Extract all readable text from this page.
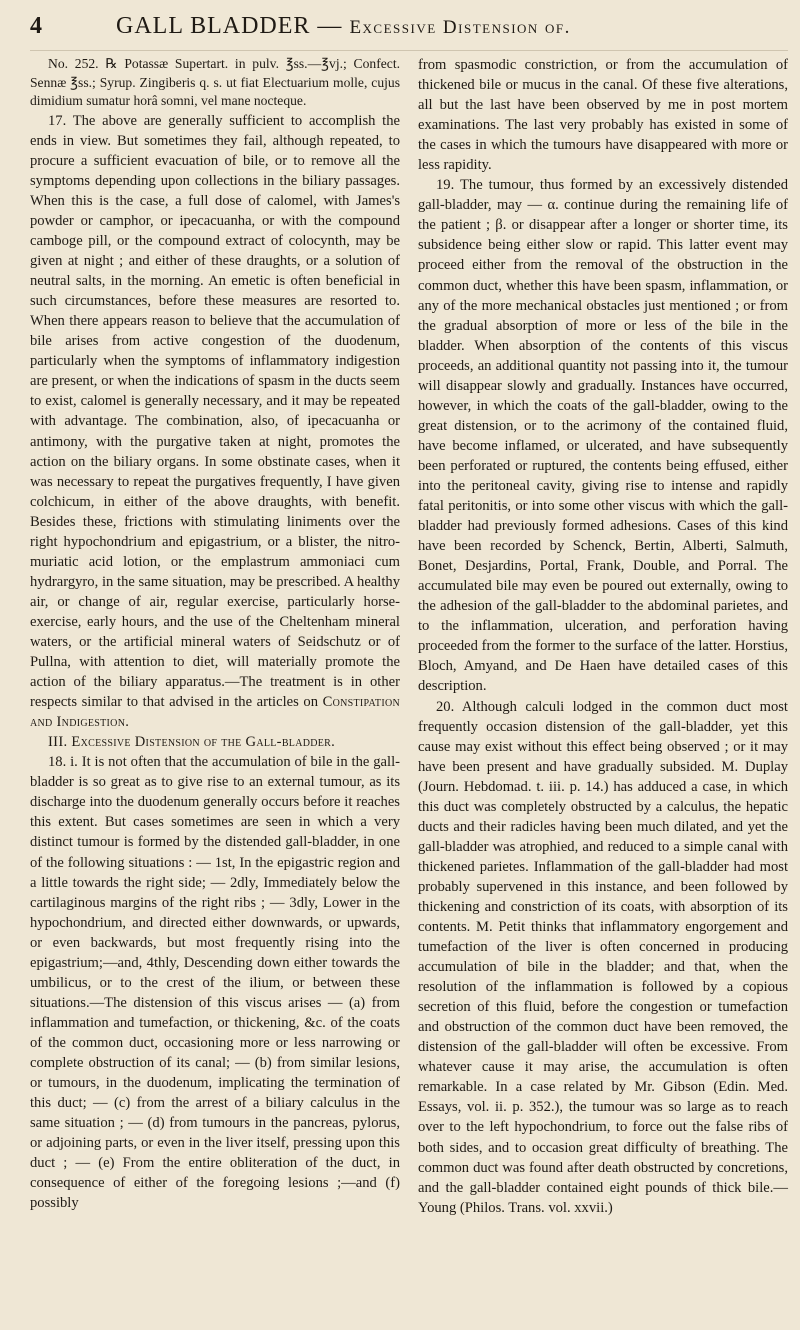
4	GALL BLADDER — Excessive Distension of.

No. 252. ℞ Potassæ Supertart. in pulv. ℥ss.—℥vj.; Confect. Sennæ ℥ss.; Syrup. Zingiberis q. s. ut fiat Electuarium molle, cujus dimidium sumatur horâ somni, vel mane nocteque.

17. The above are generally sufficient to accomplish the ends in view. But sometimes they fail, although repeated, to procure a sufficient evacuation of bile, or to remove all the symptoms depending upon collections in the biliary passages. When this is the case, a full dose of calomel, with James's powder or camphor, or ipecacuanha, or with the compound camboge pill, or the compound extract of colocynth, may be given at night ; and either of these draughts, or a solution of neutral salts, in the morning. An emetic is often beneficial in such circumstances, before these measures are resorted to. When there appears reason to believe that the accumulation of bile arises from active congestion of the duodenum, particularly when the symptoms of inflammatory indigestion are present, or when the indications of spasm in the ducts seem to exist, calomel is generally necessary, and it may be repeated with advantage. The combination, also, of ipecacuanha or antimony, with the purgative taken at night, promotes the action on the biliary organs. In some obstinate cases, when it was necessary to repeat the purgatives frequently, I have given colchicum, in either of the above draughts, with benefit. Besides these, frictions with stimulating liniments over the right hypochondrium and epigastrium, or a blister, the nitro-muriatic acid lotion, or the emplastrum ammoniaci cum hydrargyro, in the same situation, may be prescribed. A healthy air, or change of air, regular exercise, particularly horse-exercise, early hours, and the use of the Cheltenham mineral waters, or the artificial mineral waters of Seidschutz or of Pullna, with attention to diet, will materially promote the action of the biliary apparatus.—The treatment is in other respects similar to that advised in the articles on Constipation and Indigestion.

III. Excessive Distension of the Gall-bladder.

18. i. It is not often that the accumulation of bile in the gall-bladder is so great as to give rise to an external tumour, as its discharge into the duodenum generally occurs before it reaches this extent. But cases sometimes are seen in which a very distinct tumour is formed by the distended gall-bladder, in one of the following situations : — 1st, In the epigastric region and a little towards the right side; — 2dly, Immediately below the cartilaginous margins of the right ribs ; — 3dly, Lower in the hypochondrium, and directed either downwards, or upwards, or even backwards, but most frequently rising into the epigastrium;—and, 4thly, Descending down either towards the umbilicus, or to the crest of the ilium, or between these situations.—The distension of this viscus arises — (a) from inflammation and tumefaction, or thickening, &c. of the coats of the common duct, occasioning more or less narrowing or complete obstruction of its canal; — (b) from similar lesions, or tumours, in the duodenum, implicating the termination of this duct; — (c) from the arrest of a biliary calculus in the same situation ; — (d) from tumours in the pancreas, pylorus, or adjoining parts, or even in the liver itself, pressing upon this duct ; — (e) From the entire obliteration of the duct, in consequence of either of the foregoing lesions ;—and (f) possibly

from spasmodic constriction, or from the accumulation of thickened bile or mucus in the canal. Of these five alterations, all but the last have been observed by me in post mortem examinations. The last very probably has existed in some of the cases in which the tumours have disappeared with more or less rapidity.

19. The tumour, thus formed by an excessively distended gall-bladder, may — α. continue during the remaining life of the patient ; β. or disappear after a longer or shorter time, its subsidence being either slow or rapid. This latter event may proceed either from the removal of the obstruction in the common duct, whether this have been spasm, inflammation, or any of the more mechanical obstacles just mentioned ; or from the gradual absorption of more or less of the bile in the bladder. When absorption of the contents of this viscus proceeds, an additional quantity not passing into it, the tumour will disappear slowly and gradually. Instances have occurred, however, in which the coats of the gall-bladder, owing to the great distension, or to the acrimony of the contained fluid, have become inflamed, or ulcerated, and have subsequently been perforated or ruptured, the contents being effused, either into the peritoneal cavity, giving rise to intense and rapidly fatal peritonitis, or into some other viscus with which the gall-bladder had previously formed adhesions. Cases of this kind have been recorded by Schenck, Bertin, Alberti, Salmuth, Bonet, Desjardins, Portal, Frank, Double, and Porral. The accumulated bile may even be poured out externally, owing to the adhesion of the gall-bladder to the abdominal parietes, and to the inflammation, ulceration, and perforation having proceeded from the former to the surface of the latter. Horstius, Bloch, Amyand, and De Haen have detailed cases of this description.

20. Although calculi lodged in the common duct most frequently occasion distension of the gall-bladder, yet this cause may exist without this effect being observed ; or it may have been present and have gradually subsided. M. Duplay (Journ. Hebdomad. t. iii. p. 14.) has adduced a case, in which this duct was completely obstructed by a calculus, the hepatic ducts and their radicles having been much dilated, and yet the gall-bladder was atrophied, and reduced to a simple canal with thickened parietes. Inflammation of the gall-bladder had most probably supervened in this instance, and been followed by thickening and constriction of its coats, with absorption of its contents. M. Petit thinks that inflammatory engorgement and tumefaction of the liver is often concerned in producing accumulation of bile in the bladder; and that, when the resolution of the inflammation is followed by a copious secretion of this fluid, before the congestion or tumefaction and obstruction of the common duct have been removed, the distension of the gall-bladder will often be excessive. From whatever cause it may arise, the accumulation is often remarkable. In a case related by Mr. Gibson (Edin. Med. Essays, vol. ii. p. 352.), the tumour was so large as to reach over to the left hypochondrium, to force out the false ribs of both sides, and to occasion great difficulty of breathing. The common duct was found after death obstructed by concretions, and the gall-bladder contained eight pounds of thick bile.— Young (Philos. Trans. vol. xxvii.)
